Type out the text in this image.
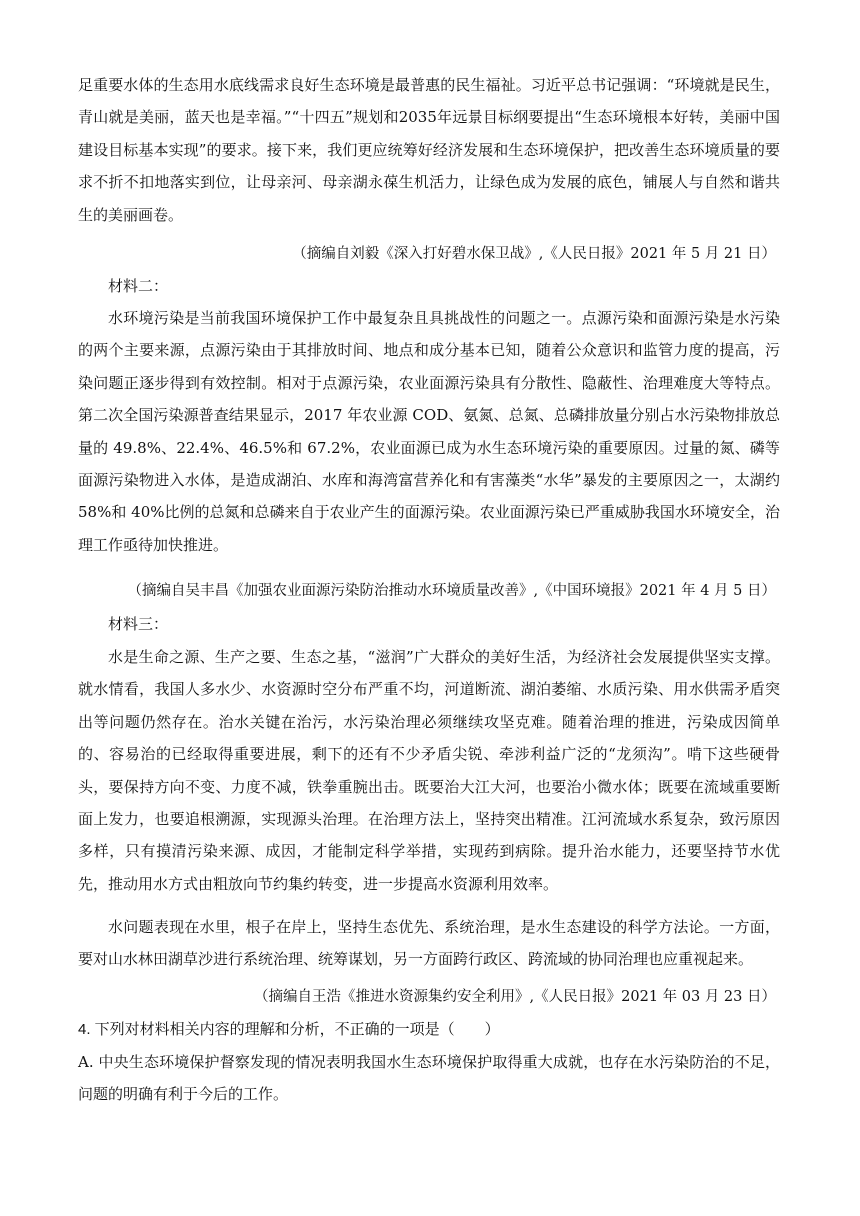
足重要水体的生态用水底线需求良好生态环境是最普惠的民生福祉。习近平总书记强调：“环境就是民生，青山就是美丽，蓝天也是幸福。”“十四五”规划和2035年远景目标纲要提出“生态环境根本好转，美丽中国建设目标基本实现”的要求。接下来，我们更应统筹好经济发展和生态环境保护，把改善生态环境质量的要求不折不扣地落实到位，让母亲河、母亲湖永葆生机活力，让绿色成为发展的底色，铺展人与自然和谐共生的美丽画卷。

（摘编自刘毅《深入打好碧水保卫战》,《人民日报》2021 年 5 月 21 日）

材料二：

水环境污染是当前我国环境保护工作中最复杂且具挑战性的问题之一。点源污染和面源污染是水污染的两个主要来源，点源污染由于其排放时间、地点和成分基本已知，随着公众意识和监管力度的提高，污染问题正逐步得到有效控制。相对于点源污染，农业面源污染具有分散性、隐蔽性、治理难度大等特点。第二次全国污染源普查结果显示，2017 年农业源 COD、氨氮、总氮、总磷排放量分别占水污染物排放总量的 49.8%、22.4%、46.5%和 67.2%，农业面源已成为水生态环境污染的重要原因。过量的氮、磷等面源污染物进入水体，是造成湖泊、水库和海湾富营养化和有害藻类“水华”暴发的主要原因之一，太湖约 58%和 40%比例的总氮和总磷来自于农业产生的面源污染。农业面源污染已严重威胁我国水环境安全，治理工作亟待加快推进。

（摘编自吴丰昌《加强农业面源污染防治推动水环境质量改善》,《中国环境报》2021 年 4 月 5 日）

材料三：

水是生命之源、生产之要、生态之基，“滋润”广大群众的美好生活，为经济社会发展提供坚实支撑。就水情看，我国人多水少、水资源时空分布严重不均，河道断流、湖泊萎缩、水质污染、用水供需矛盾突出等问题仍然存在。治水关键在治污，水污染治理必须继续攻坚克难。随着治理的推进，污染成因简单的、容易治的已经取得重要进展，剩下的还有不少矛盾尖锐、牵涉利益广泛的“龙须沟”。啃下这些硬骨头，要保持方向不变、力度不减，铁拳重腕出击。既要治大江大河，也要治小微水体；既要在流域重要断面上发力，也要追根溯源，实现源头治理。在治理方法上，坚持突出精准。江河流域水系复杂，致污原因多样，只有摸清污染来源、成因，才能制定科学举措，实现药到病除。提升治水能力，还要坚持节水优先，推动用水方式由粗放向节约集约转变，进一步提高水资源利用效率。

水问题表现在水里，根子在岸上，坚持生态优先、系统治理，是水生态建设的科学方法论。一方面，要对山水林田湖草沙进行系统治理、统筹谋划，另一方面跨行政区、跨流域的协同治理也应重视起来。

（摘编自王浩《推进水资源集约安全利用》,《人民日报》2021 年 03 月 23 日）

4. 下列对材料相关内容的理解和分析，不正确的一项是（　　）

A. 中央生态环境保护督察发现的情况表明我国水生态环境保护取得重大成就，也存在水污染防治的不足，问题的明确有利于今后的工作。
